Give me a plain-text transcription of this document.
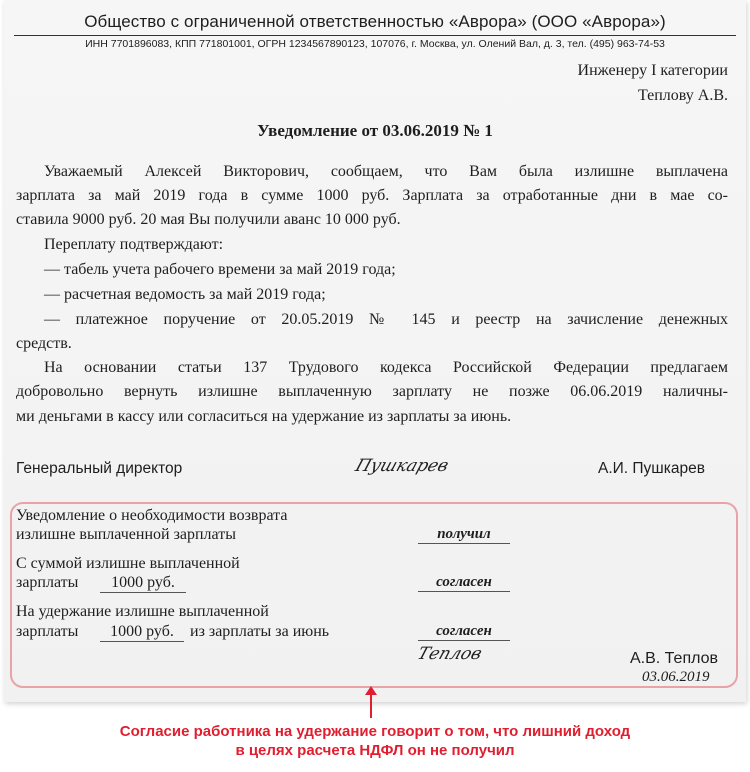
Общество с ограниченной ответственностью «Аврора» (ООО «Аврора»)
ИНН 7701896083, КПП 771801001, ОГРН 1234567890123, 107076, г. Москва, ул. Олений Вал, д. 3, тел. (495) 963-74-53
Инженеру I категории
Теплову А.В.
Уведомление от 03.06.2019 № 1
Уважаемый Алексей Викторович, сообщаем, что Вам была излишне выплачена
зарплата за май 2019 года в сумме 1000 руб. Зарплата за отработанные дни в мае со-
ставила 9000 руб. 20 мая Вы получили аванс 10 000 руб.
Переплату подтверждают:
— табель учета рабочего времени за май 2019 года;
— расчетная ведомость за май 2019 года;
— платежное поручение от 20.05.2019 № 145 и реестр на зачисление денежных
средств.
На основании статьи 137 Трудового кодекса Российской Федерации предлагаем
добровольно вернуть излишне выплаченную зарплату не позже 06.06.2019 наличны-
ми деньгами в кассу или согласиться на удержание из зарплаты за июнь.
Генеральный директор	Пушкарев	А.И. Пушкарев
Уведомление о необходимости возврата
излишне выплаченной зарплаты	получил
С суммой излишне выплаченной
зарплаты	1000 руб.	согласен
На удержание излишне выплаченной
зарплаты	1000 руб.	из зарплаты за июнь	согласен
Теплов	А.В. Теплов
03.06.2019
Согласие работника на удержание говорит о том, что лишний доход
в целях расчета НДФЛ он не получил
